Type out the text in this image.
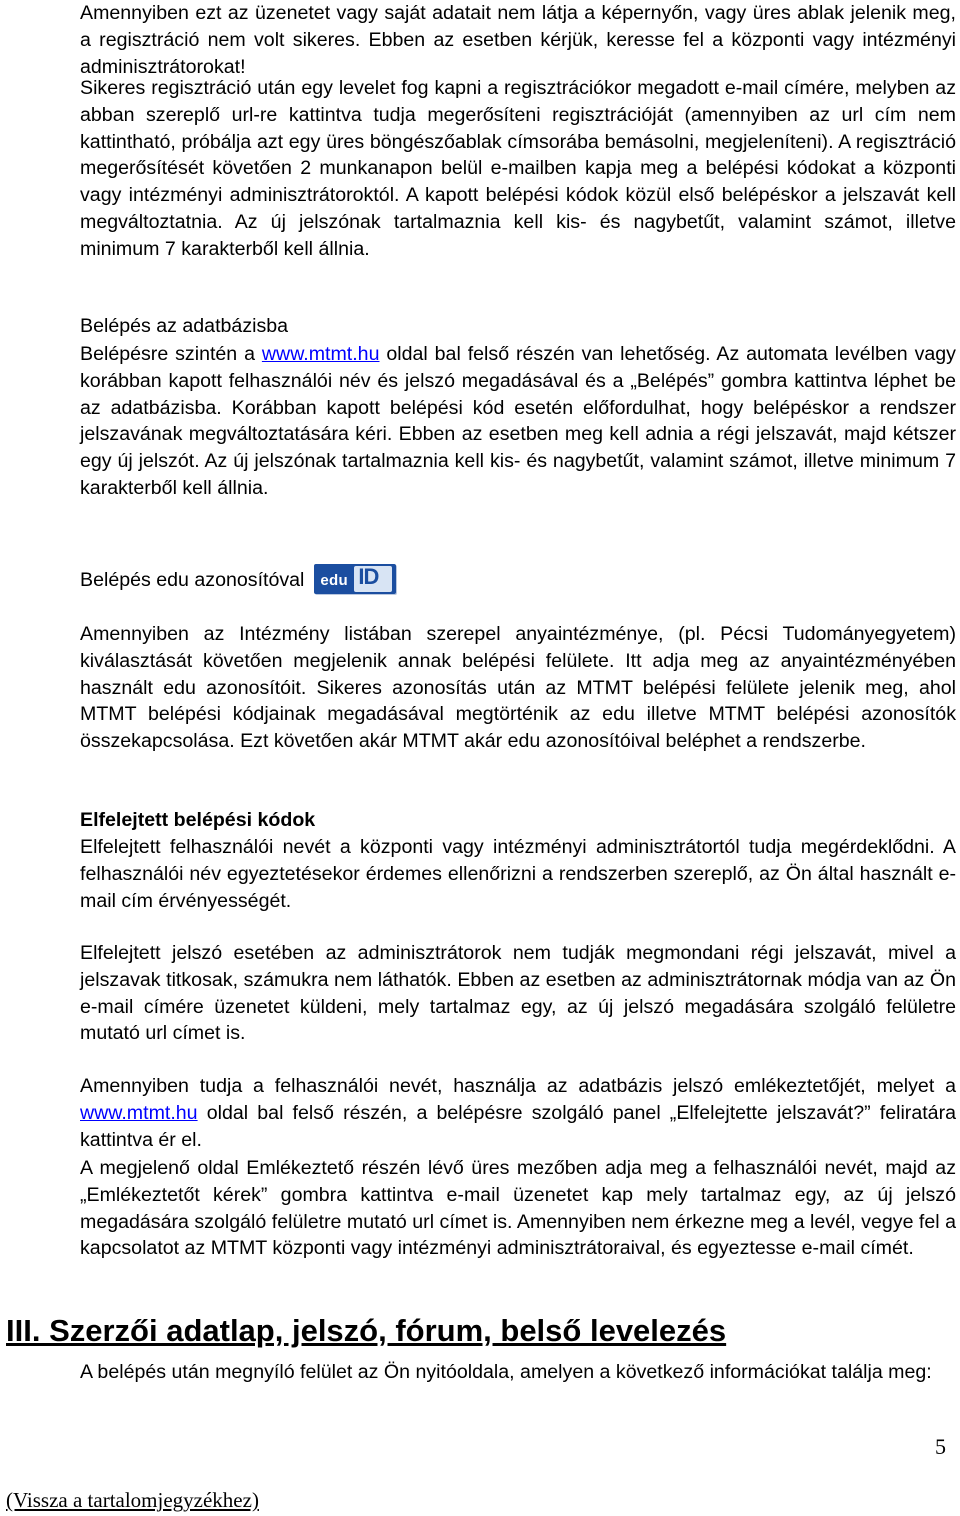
Amennyiben ezt az üzenetet vagy saját adatait nem látja a képernyőn, vagy üres ablak jelenik meg, a regisztráció nem volt sikeres. Ebben az esetben kérjük, keresse fel a központi vagy intézményi adminisztrátorokat!

Sikeres regisztráció után egy levelet fog kapni a regisztrációkor megadott e-mail címére, melyben az abban szereplő url-re kattintva tudja megerősíteni regisztrációját (amennyiben az url cím nem kattintható, próbálja azt egy üres böngészőablak címsorába bemásolni, megjeleníteni). A regisztráció megerősítését követően 2 munkanapon belül e-mailben kapja meg a belépési kódokat a központi vagy intézményi adminisztrátoroktól. A kapott belépési kódok közül első belépéskor a jelszavát kell megváltoztatnia. Az új jelszónak tartalmaznia kell kis- és nagybetűt, valamint számot, illetve minimum 7 karakterből kell állnia.

Belépés az adatbázisba

Belépésre szintén a www.mtmt.hu oldal bal felső részén van lehetőség. Az automata levélben vagy korábban kapott felhasználói név és jelszó megadásával és a „Belépés” gombra kattintva léphet be az adatbázisba. Korábban kapott belépési kód esetén előfordulhat, hogy belépéskor a rendszer jelszavának megváltoztatására kéri. Ebben az esetben meg kell adnia a régi jelszavát, majd kétszer egy új jelszót. Az új jelszónak tartalmaznia kell kis- és nagybetűt, valamint számot, illetve minimum 7 karakterből kell állnia.

Belépés edu azonosítóval edu ID

Amennyiben az Intézmény listában szerepel anyaintézménye, (pl. Pécsi Tudományegyetem) kiválasztását követően megjelenik annak belépési felülete. Itt adja meg az anyaintézményében használt edu azonosítóit. Sikeres azonosítás után az MTMT belépési felülete jelenik meg, ahol MTMT belépési kódjainak megadásával megtörténik az edu illetve MTMT belépési azonosítók összekapcsolása. Ezt követően akár MTMT akár edu azonosítóival beléphet a rendszerbe.

Elfelejtett belépési kódok

Elfelejtett felhasználói nevét a központi vagy intézményi adminisztrátortól tudja megérdeklődni. A felhasználói név egyeztetésekor érdemes ellenőrizni a rendszerben szereplő, az Ön által használt e-mail cím érvényességét.

Elfelejtett jelszó esetében az adminisztrátorok nem tudják megmondani régi jelszavát, mivel a jelszavak titkosak, számukra nem láthatók. Ebben az esetben az adminisztrátornak módja van az Ön e-mail címére üzenetet küldeni, mely tartalmaz egy, az új jelszó megadására szolgáló felületre mutató url címet is.

Amennyiben tudja a felhasználói nevét, használja az adatbázis jelszó emlékeztetőjét, melyet a www.mtmt.hu oldal bal felső részén, a belépésre szolgáló panel „Elfelejtette jelszavát?” feliratára kattintva ér el.

A megjelenő oldal Emlékeztető részén lévő üres mezőben adja meg a felhasználói nevét, majd az „Emlékeztetőt kérek” gombra kattintva e-mail üzenetet kap mely tartalmaz egy, az új jelszó megadására szolgáló felületre mutató url címet is. Amennyiben nem érkezne meg a levél, vegye fel a kapcsolatot az MTMT központi vagy intézményi adminisztrátoraival, és egyeztesse e-mail címét.

III. Szerzői adatlap, jelszó, fórum, belső levelezés

A belépés után megnyíló felület az Ön nyitóoldala, amelyen a következő információkat találja meg:

5
(Vissza a tartalomjegyzékhez)
